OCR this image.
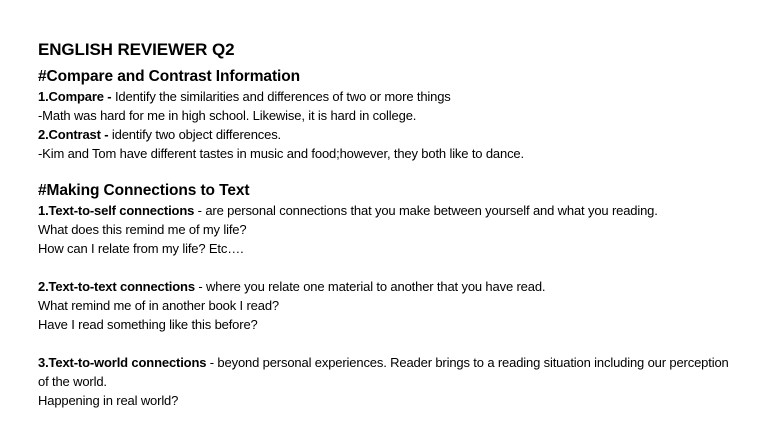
ENGLISH REVIEWER Q2
#Compare and Contrast Information
1.Compare - Identify the similarities and differences of two or more things
-Math was hard for me in high school. Likewise, it is hard in college.
2.Contrast - identify two object differences.
-Kim and Tom have different tastes in music and food;however, they both like to dance.
#Making Connections to Text
1.Text-to-self connections - are personal connections that you make between yourself and what you reading.
What does this remind me of my life?
How can I relate from my life? Etc….
2.Text-to-text connections - where you relate one material to another that you have read.
What remind me of in another book I read?
Have I read something like this before?
3.Text-to-world connections - beyond personal experiences. Reader brings to a reading situation including our perception of the world.
Happening in real world?
